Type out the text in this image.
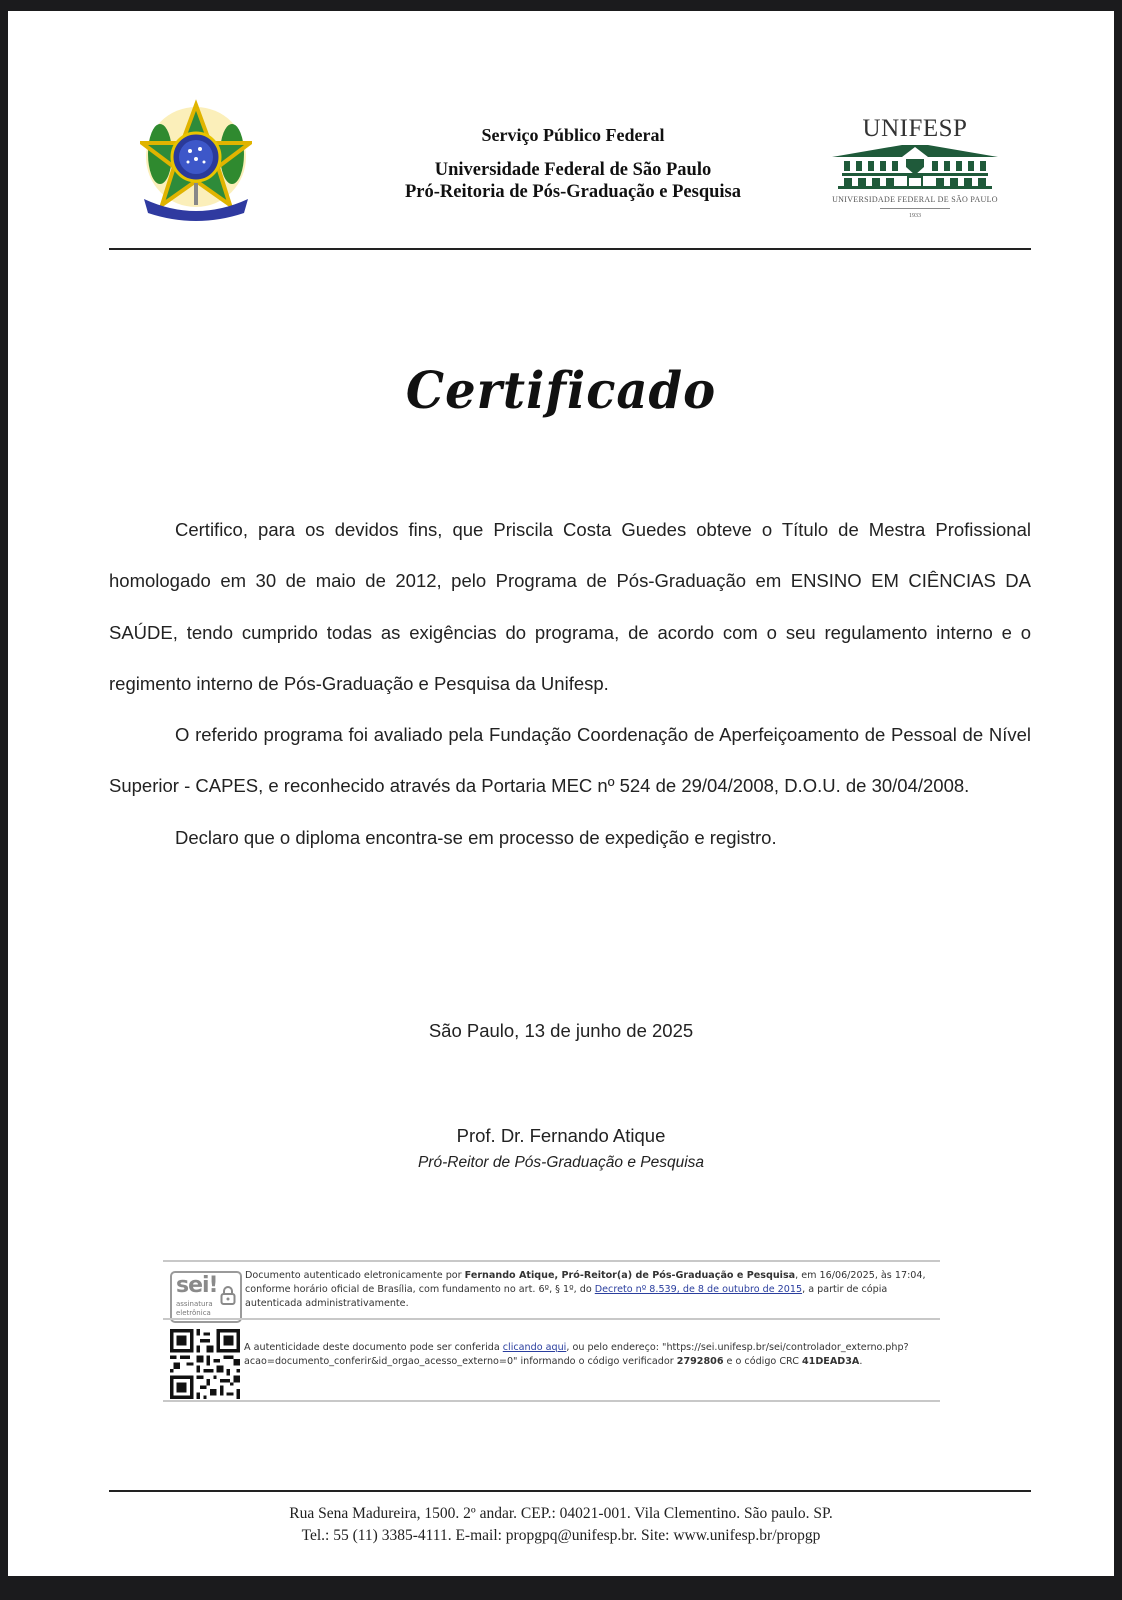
Serviço Público Federal
Universidade Federal de São Paulo
Pró-Reitoria de Pós-Graduação e Pesquisa
UNIFESP
UNIVERSIDADE FEDERAL DE SÃO PAULO
1933
Certificado

Certifico, para os devidos fins, que Priscila Costa Guedes obteve o Título de Mestra Profissional homologado em 30 de maio de 2012, pelo Programa de Pós-Graduação em ENSINO EM CIÊNCIAS DA SAÚDE, tendo cumprido todas as exigências do programa, de acordo com o seu regulamento interno e o regimento interno de Pós-Graduação e Pesquisa da Unifesp.

O referido programa foi avaliado pela Fundação Coordenação de Aperfeiçoamento de Pessoal de Nível Superior - CAPES, e reconhecido através da Portaria MEC nº 524 de 29/04/2008, D.O.U. de 30/04/2008.

Declaro que o diploma encontra-se em processo de expedição e registro.

São Paulo, 13 de junho de 2025
Prof. Dr. Fernando Atique
Pró-Reitor de Pós-Graduação e Pesquisa
sei!
assinatura
eletrônica
Documento autenticado eletronicamente por Fernando Atique, Pró-Reitor(a) de Pós-Graduação e Pesquisa, em 16/06/2025, às 17:04, conforme horário oficial de Brasília, com fundamento no art. 6º, § 1º, do Decreto nº 8.539, de 8 de outubro de 2015, a partir de cópia autenticada administrativamente.
A autenticidade deste documento pode ser conferida clicando aqui, ou pelo endereço: "https://sei.unifesp.br/sei/controlador_externo.php?acao=documento_conferir&id_orgao_acesso_externo=0" informando o código verificador 2792806 e o código CRC 41DEAD3A.
Rua Sena Madureira, 1500. 2º andar. CEP.: 04021-001. Vila Clementino. São paulo. SP.
Tel.: 55 (11) 3385-4111. E-mail: propgpq@unifesp.br. Site: www.unifesp.br/propgp
